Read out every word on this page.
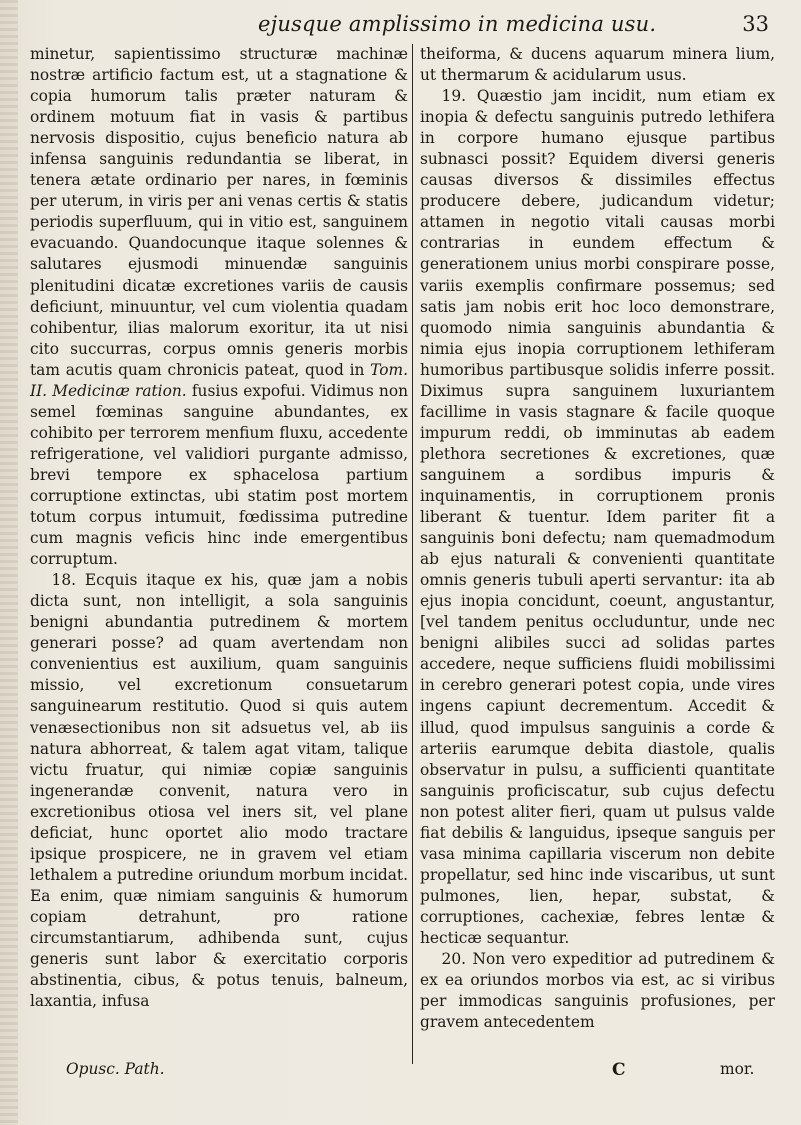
ejusque amplissimo in medicina usu.	33

minetur, sapientissimo structuræ machinæ nostræ artificio factum est, ut a stagnatione & copia humorum talis præter naturam & ordinem motuum fiat in vasis & partibus nervosis dispositio, cujus beneficio natura ab infensa sanguinis redundantia se liberat, in tenera ætate ordinario per nares, in fœminis per uterum, in viris per ani venas certis & statis periodis superfluum, qui in vitio est, sanguinem evacuando. Quandocunque itaque solennes & salutares ejusmodi minuendæ sanguinis plenitudini dicatæ excretiones variis de causis deficiunt, minuuntur, vel cum violentia quadam cohibentur, ilias malorum exoritur, ita ut nisi cito succurras, corpus omnis generis morbis tam acutis quam chronicis pateat, quod in Tom. II. Medicinæ ration. fusius expofui. Vidimus non semel fœminas sanguine abundantes, ex cohibito per terrorem menfium fluxu, accedente refrigeratione, vel validiori purgante admisso, brevi tempore ex sphacelosa partium corruptione extinctas, ubi statim post mortem totum corpus intumuit, fœdissima putredine cum magnis veficis hinc inde emergentibus corruptum.

18. Ecquis itaque ex his, quæ jam a nobis dicta sunt, non intelligit, a sola sanguinis benigni abundantia putredinem & mortem generari posse? ad quam avertendam non convenientius est auxilium, quam sanguinis missio, vel excretionum consuetarum sanguinearum restitutio. Quod si quis autem venæsectionibus non sit adsuetus vel, ab iis natura abhorreat, & talem agat vitam, talique victu fruatur, qui nimiæ copiæ sanguinis ingenerandæ convenit, natura vero in excretionibus otiosa vel iners sit, vel plane deficiat, hunc oportet alio modo tractare ipsique prospicere, ne in gravem vel etiam lethalem a putredine oriundum morbum incidat. Ea enim, quæ nimiam sanguinis & humorum copiam detrahunt, pro ratione circumstantiarum, adhibenda sunt, cujus generis sunt labor & exercitatio corporis abstinentia, cibus, & potus tenuis, balneum, laxantia, infusa

theiforma, & ducens aquarum minera lium, ut thermarum & acidularum usus.

19. Quæstio jam incidit, num etiam ex inopia & defectu sanguinis putredo lethifera in corpore humano ejusque partibus subnasci possit? Equidem diversi generis causas diversos & dissimiles effectus producere debere, judicandum videtur; attamen in negotio vitali causas morbi contrarias in eundem effectum & generationem unius morbi conspirare posse, variis exemplis confirmare possemus; sed satis jam nobis erit hoc loco demonstrare, quomodo nimia sanguinis abundantia & nimia ejus inopia corruptionem lethiferam humoribus partibusque solidis inferre possit. Diximus supra sanguinem luxuriantem facillime in vasis stagnare & facile quoque impurum reddi, ob imminutas ab eadem plethora secretiones & excretiones, quæ sanguinem a sordibus impuris & inquinamentis, in corruptionem pronis liberant & tuentur. Idem pariter fit a sanguinis boni defectu; nam quemadmodum ab ejus naturali & convenienti quantitate omnis generis tubuli aperti servantur: ita ab ejus inopia concidunt, coeunt, angustantur, [vel tandem penitus occluduntur, unde nec benigni alibiles succi ad solidas partes accedere, neque sufficiens fluidi mobilissimi in cerebro generari potest copia, unde vires ingens capiunt decrementum. Accedit & illud, quod impulsus sanguinis a corde & arteriis earumque debita diastole, qualis observatur in pulsu, a sufficienti quantitate sanguinis proficiscatur, sub cujus defectu non potest aliter fieri, quam ut pulsus valde fiat debilis & languidus, ipseque sanguis per vasa minima capillaria viscerum non debite propellatur, sed hinc inde viscaribus, ut sunt pulmones, lien, hepar, substat, & corruptiones, cachexiæ, febres lentæ & hecticæ sequantur.

20. Non vero expeditior ad putredinem & ex ea oriundos morbos via est, ac si viribus per immodicas sanguinis profusiones, per gravem antecedentem

Opusc. Path.	C	mor.
